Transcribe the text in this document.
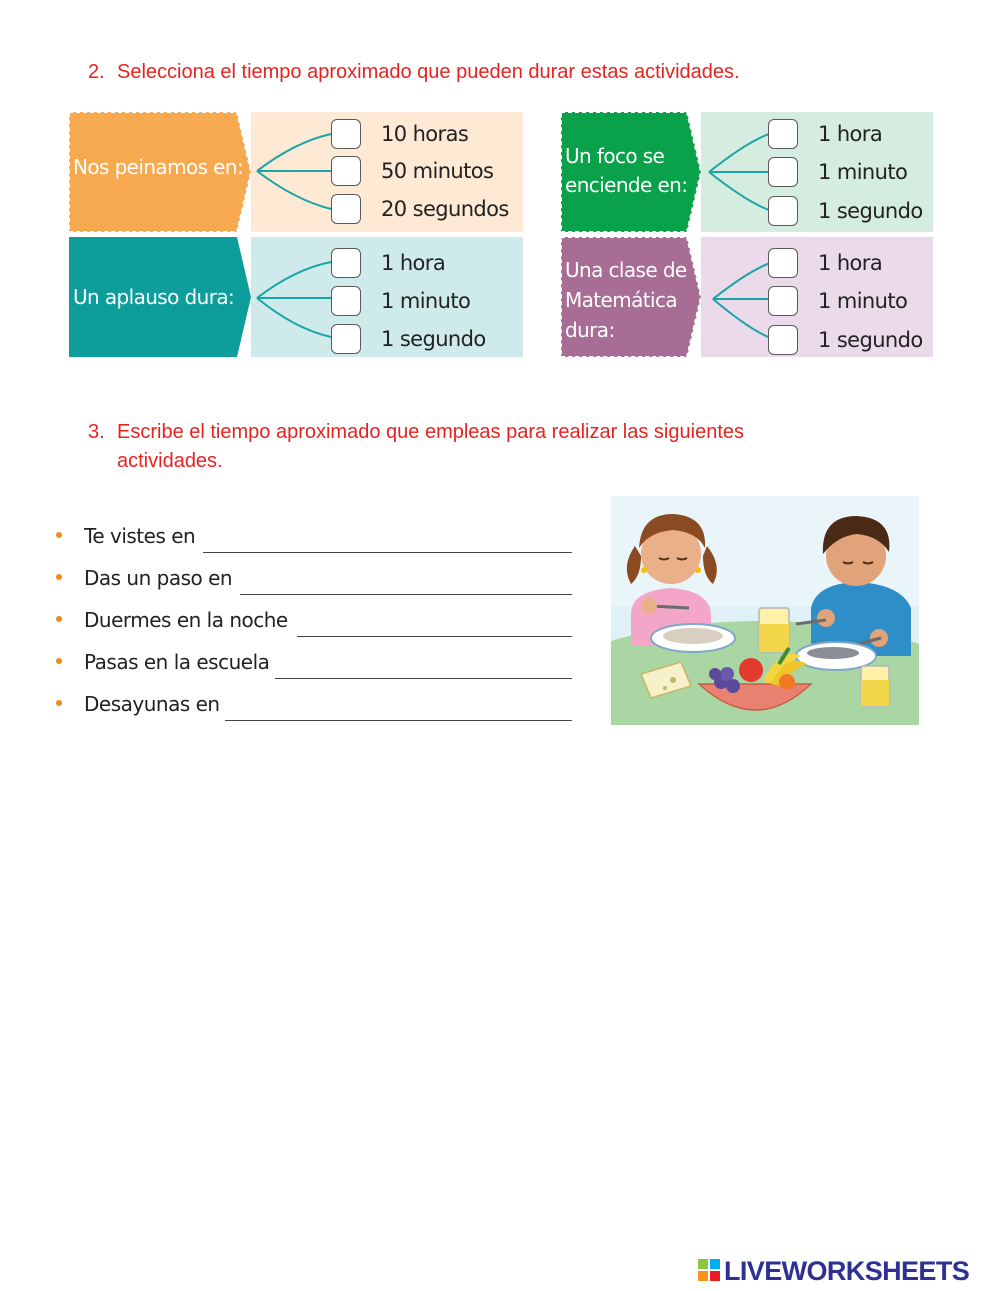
2. Selecciona el tiempo aproximado que pueden durar estas actividades.
Nos peinamos en:
10 horas
50 minutos
20 segundos
Un foco se
enciende en:
1 hora
1 minuto
1 segundo
Un aplauso dura:
1 hora
1 minuto
1 segundo
Una clase de
Matemática
dura:
1 hora
1 minuto
1 segundo
3. Escribe el tiempo aproximado que empleas para realizar las siguientes
actividades.
Te vistes en
Das un paso en
Duermes en la noche
Pasas en la escuela
Desayunas en
LIVEWORKSHEETS
